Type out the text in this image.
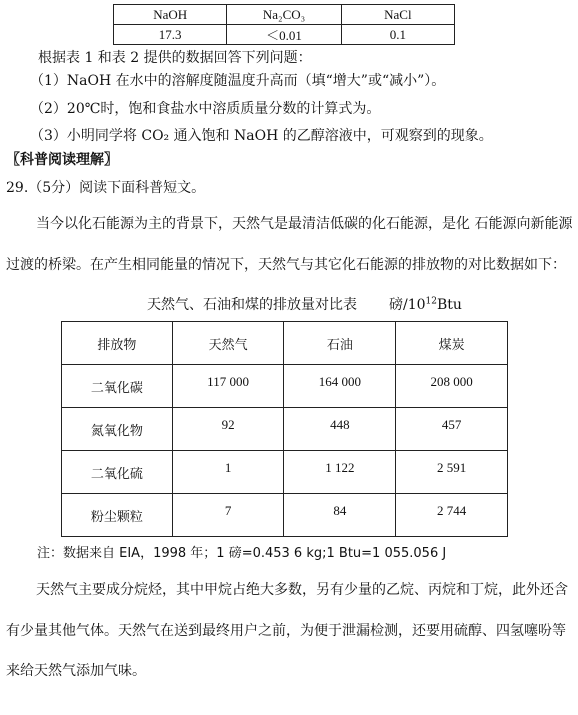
NaOH	Na₂CO₃	NaCl
17.3	＜0.01	0.1
根据表 1 和表 2 提供的数据回答下列问题：
（1）NaOH 在水中的溶解度随温度升高而（填“增大”或“减小”）。
（2）20℃时，饱和食盐水中溶质质量分数的计算式为。
（3）小明同学将 CO₂ 通入饱和 NaOH 的乙醇溶液中，可观察到的现象。
〖科普阅读理解〗
29.（5分）阅读下面科普短文。
当今以化石能源为主的背景下，天然气是最清洁低碳的化石能源，是化 石能源向新能源
过渡的桥梁。在产生相同能量的情况下，天然气与其它化石能源的排放物的对比数据如下：
天然气、石油和煤的排放量对比表 磅$/10^{12}Btu$
排放物	天然气	石油	煤炭
二氧化碳	117 000	164 000	208 000
氮氧化物	92	448	457
二氧化硫	1	1 122	2 591
粉尘颗粒	7	84	2 744
注：数据来自 EIA，1998 年；1 磅=0.453 6 kg;1 Btu=1 055.056 J
天然气主要成分烷烃，其中甲烷占绝大多数，另有少量的乙烷、丙烷和丁烷，此外还含
有少量其他气体。天然气在送到最终用户之前，为便于泄漏检测，还要用硫醇、四氢噻吩等
来给天然气添加气味。
